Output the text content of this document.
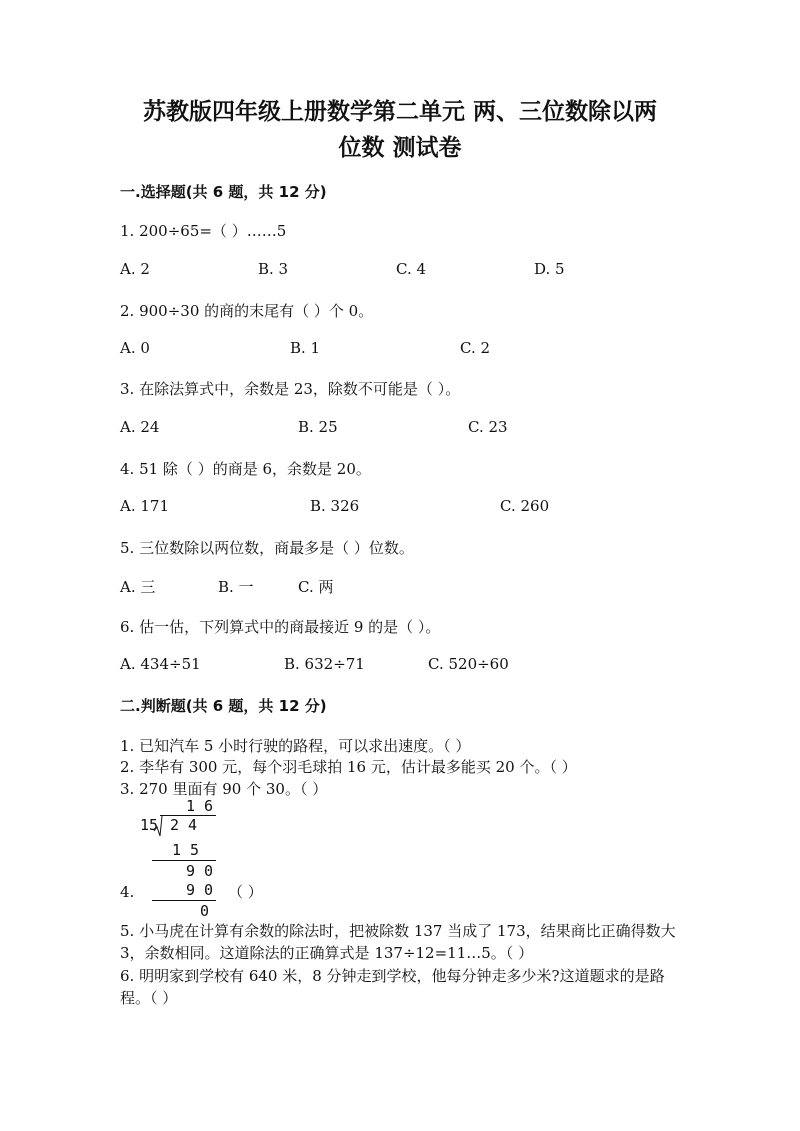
苏教版四年级上册数学第二单元 两、三位数除以两
位数 测试卷
一.选择题(共 6 题，共 12 分)
1. 200÷65=（ ）……5
A. 2	B. 3	C. 4	D. 5
2. 900÷30 的商的末尾有（ ）个 0。
A. 0	B. 1	C. 2
3. 在除法算式中，余数是 23，除数不可能是（ ）。
A. 24	B. 25	C. 23
4. 51 除（ ）的商是 6，余数是 20。
A. 171	B. 326	C. 260
5. 三位数除以两位数，商最多是（ ）位数。
A. 三	B. 一	C. 两
6. 估一估，下列算式中的商最接近 9 的是（ ）。
A. 434÷51	B. 632÷71	C. 520÷60
二.判断题(共 6 题，共 12 分)
1. 已知汽车 5 小时行驶的路程，可以求出速度。（ ）
2. 李华有 300 元，每个羽毛球拍 16 元，估计最多能买 20 个。（ ）
3. 270 里面有 90 个 30。（ ）
1 6
15 2 4
1 5
9 0
9 0
0
4.	（ ）
5. 小马虎在计算有余数的除法时，把被除数 137 当成了 173，结果商比正确得数大 3，余数相同。这道除法的正确算式是 137÷12=11…5。（ ）
6. 明明家到学校有 640 米，8 分钟走到学校，他每分钟走多少米?这道题求的是路程。（ ）
